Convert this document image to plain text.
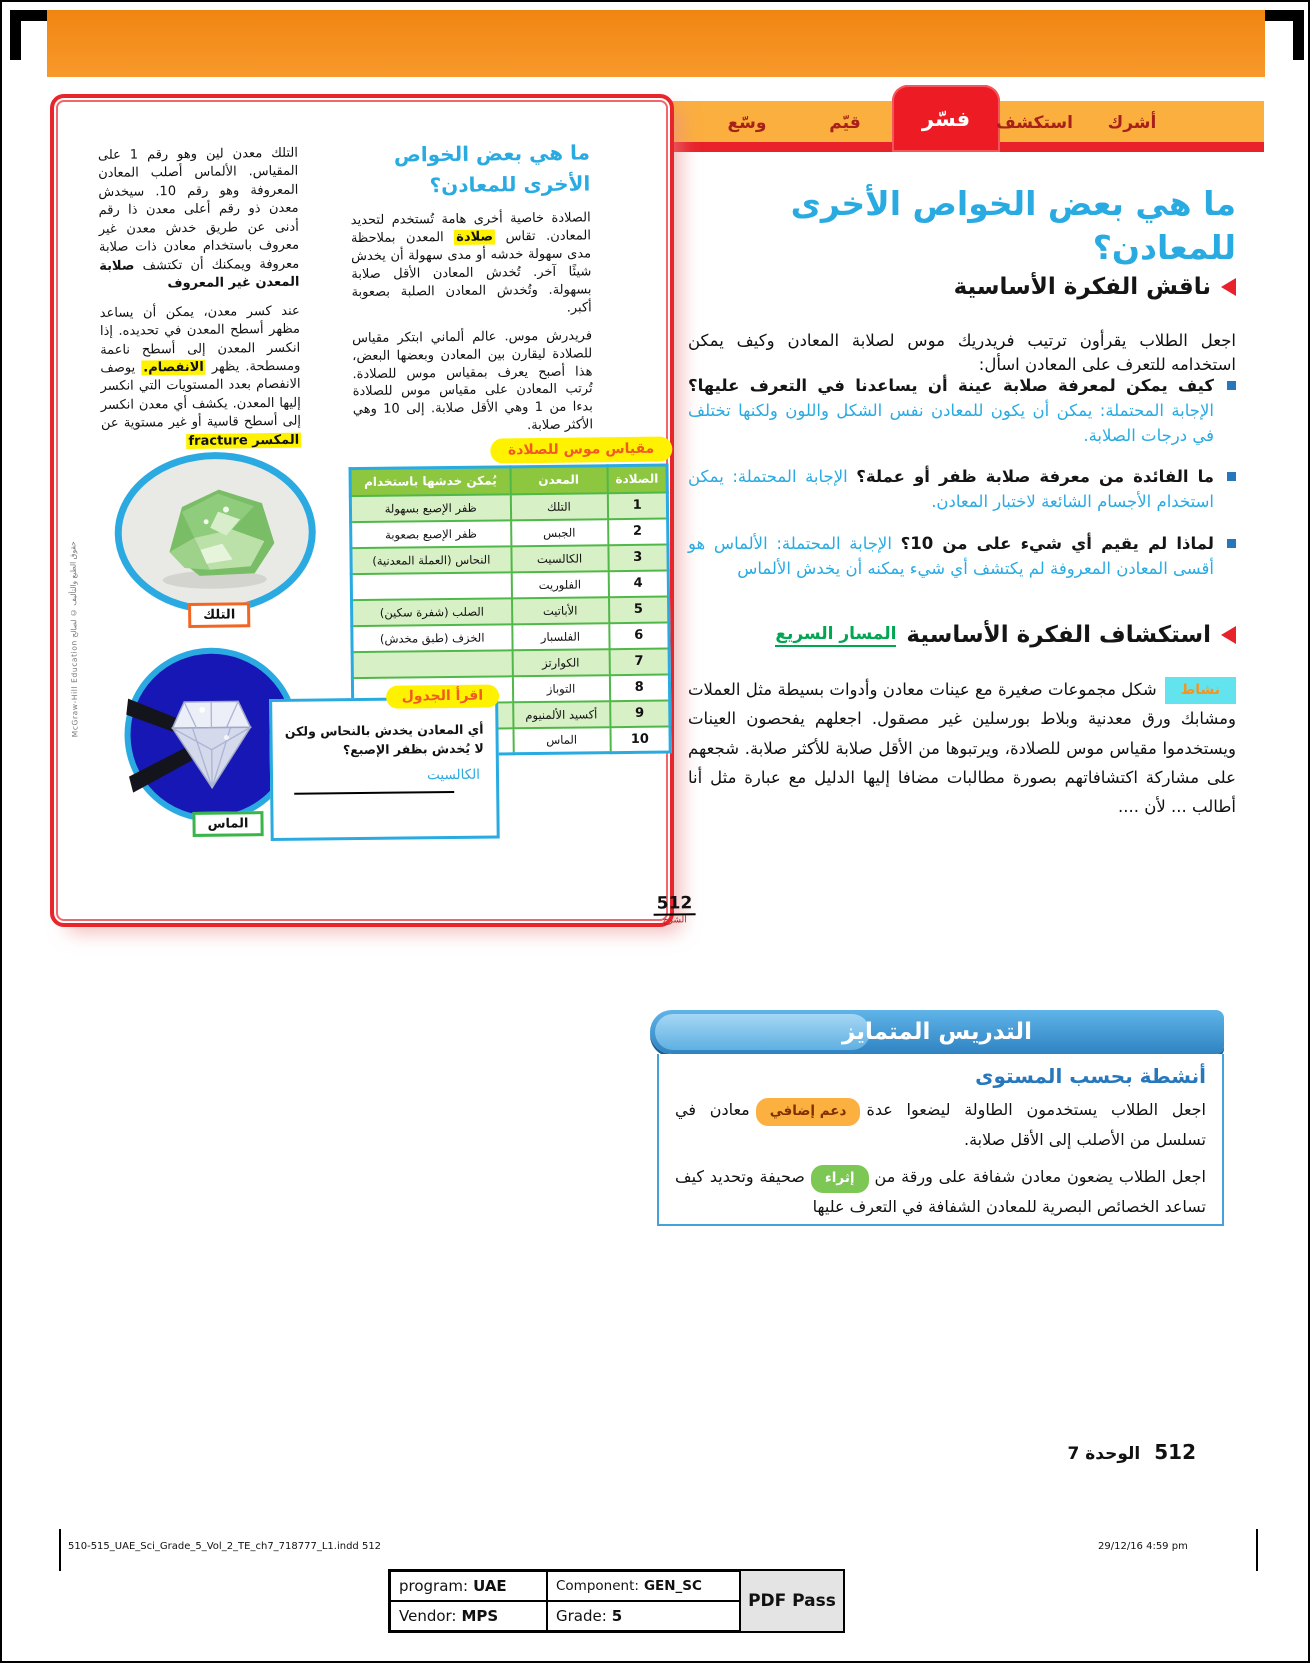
وسّع	قيّم	فسّر	استكشف	أشرك
ما هي بعض الخواص الأخرى للمعادن؟

الصلادة خاصية أخرى هامة تُستخدم لتحديد المعادن. تقاس صلادة المعدن بملاحظة مدى سهولة خدشه أو مدى سهولة أن يخدش شيئًا آخر. تُخدش المعادن الأقل صلابة بسهولة. وتُخدش المعادن الصلبة بصعوبة أكبر.

فريدرش موس. عالم ألماني ابتكر مقياس للصلادة ليقارن بين المعادن وبعضها البعض، هذا أصبح يعرف بمقياس موس للصلادة. تُرتب المعادن على مقياس موس للصلادة بدءا من 1 وهي الأقل صلابة. إلى 10 وهي الأكثر صلابة.

التلك معدن لين وهو رقم 1 على المقياس. الألماس أصلب المعادن المعروفة وهو رقم 10. سيخدش معدن ذو رقم أعلى معدن ذا رقم أدنى عن طريق خدش معدن غير معروف باستخدام معادن ذات صلابة معروفة ويمكنك أن تكتشف صلابة المعدن غير المعروف

عند كسر معدن، يمكن أن يساعد مظهر أسطح المعدن في تحديده. إذا انكسر المعدن إلى أسطح ناعمة ومسطحة. يظهر الانفصام. يوصف الانفصام بعدد المستويات التي انكسر إليها المعدن. يكشف أي معدن انكسر إلى أسطح قاسية أو غير مستوية عن المكسر fracture

التلك
مقياس موس للصلادة
الصلادة	المعدن	يُمكن خدشها باستخدام
1	التلك	ظفر الإصبع بسهولة
2	الجبس	ظفر الإصبع بصعوبة
3	الكالسيت	النحاس (العملة المعدنية)
4	الفلوريت	
5	الأباتيت	الصلب (شفرة سكين)
6	الفلسبار	الخزف (طبق مخدش)
7	الكوارتز	
8	التوباز	
9	أكسيد الألمنيوم	
10	الماس	
الماس
اقرأ الجدول

أي المعادن يخدش بالنحاس ولكن لا يُخدش بظفر الإصبع؟

الكالسيت
512
الشرح
حقوق الطبع والتأليف © لصالح McGraw-Hill Education
ما هي بعض الخواص الأخرى للمعادن؟
ناقش الفكرة الأساسية

اجعل الطلاب يقرأون ترتيب فريدريك موس لصلابة المعادن وكيف يمكن استخدامه للتعرف على المعادن اسأل:

كيف يمكن لمعرفة صلابة عينة أن يساعدنا في التعرف عليها؟ الإجابة المحتملة: يمكن أن يكون للمعادن نفس الشكل واللون ولكنها تختلف في درجات الصلابة.
ما الفائدة من معرفة صلابة ظفر أو عملة؟ الإجابة المحتملة: يمكن استخدام الأجسام الشائعة لاختبار المعادن.
لماذا لم يقيم أي شيء على من 10؟ الإجابة المحتملة: الألماس هو أقسى المعادن المعروفة لم يكتشف أي شيء يمكنه أن يخدش الألماس
استكشاف الفكرة الأساسية
المسار السريع

نشاطشكل مجموعات صغيرة مع عينات معادن وأدوات بسيطة مثل العملات ومشابك ورق معدنية وبلاط بورسلين غير مصقول. اجعلهم يفحصون العينات ويستخدموا مقياس موس للصلادة، ويرتبوها من الأقل صلابة للأكثر صلابة. شجعهم على مشاركة اكتشافاتهم بصورة مطالبات مضافا إليها الدليل مع عبارة مثل أنا أطالب ... لأن ....

التدريس المتمايز

أنشطة بحسب المستوى

اجعل الطلاب يستخدمون الطاولة ليضعوا عدةدعم إضافيمعادن في تسلسل من الأصلب إلى الأقل صلابة.

اجعل الطلاب يضعون معادن شفافة على ورقة منإثراءصحيفة وتحديد كيف تساعد الخصائص البصرية للمعادن الشفافة في التعرف عليها

512
الوحدة 7
510-515_UAE_Sci_Grade_5_Vol_2_TE_ch7_718777_L1.indd 512	29/12/16 4:59 pm
program: UAE	Component: GEN_SC
Vendor: MPS	Grade: 5
PDF Pass
